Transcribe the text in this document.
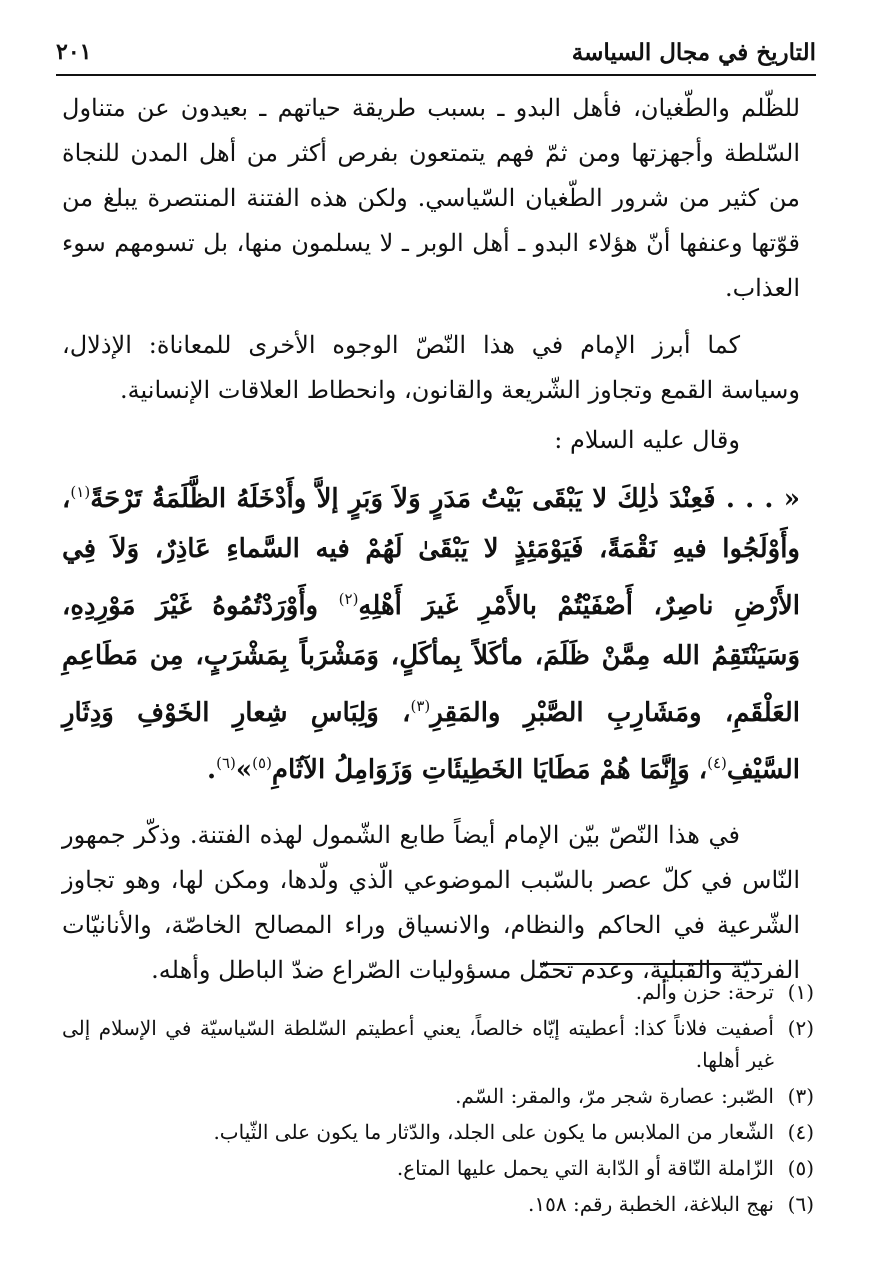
التاريخ في مجال السياسة
٢٠١

للظّلم والطّغيان، فأهل البدو ـ بسبب طريقة حياتهم ـ بعيدون عن متناول السّلطة وأجهزتها ومن ثمّ فهم يتمتعون بفرص أكثر من أهل المدن للنجاة من كثير من شرور الطّغيان السّياسي. ولكن هذه الفتنة المنتصرة يبلغ من قوّتها وعنفها أنّ هؤلاء البدو ـ أهل الوبر ـ لا يسلمون منها، بل تسومهم سوء العذاب.

كما أبرز الإمام في هذا النّصّ الوجوه الأخرى للمعاناة: الإذلال، وسياسة القمع وتجاوز الشّريعة والقانون، وانحطاط العلاقات الإنسانية.

وقال عليه السلام :

« . . . فَعِنْدَ ذٰلِكَ لا يَبْقَى بَيْتُ مَدَرٍ وَلاَ وَبَرٍ إلاَّ وأَدْخَلَهُ الظَّلَمَةُ تَرْحَةً$^{(١)}$، وأَوْلَجُوا فيهِ نَقْمَةً، فَيَوْمَئِذٍ لا يَبْقَىٰ لَهُمْ فيه السَّماءِ عَاذِرٌ، وَلاَ فِي الأَرْضِ ناصِرٌ، أَصْفَيْتُمْ بالأَمْرِ غَيرَ أَهْلِهِ$^{(٢)}$ وأَوْرَدْتُمُوهُ غَيْرَ مَوْرِدِهِ، وَسَيَنْتَقِمُ الله مِمَّنْ ظَلَمَ، مأكَلاً بِمأكَلٍ، وَمَشْرَباً بِمَشْرَبٍ، مِن مَطَاعِمِ العَلْقَمِ، ومَشَارِبِ الصَّبْرِ والمَقِرِ$^{(٣)}$، وَلِبَاسِ شِعارِ الخَوْفِ وَدِثَارِ السَّيْفِ$^{(٤)}$، وَإِنَّمَا هُمْ مَطَايَا الخَطِيئَاتِ وَزَوَامِلُ الآثَامِ$^{(٥)}$»$^{(٦)}$.

في هذا النّصّ بيّن الإمام أيضاً طابع الشّمول لهذه الفتنة. وذكّر جمهور النّاس في كلّ عصر بالسّبب الموضوعي الّذي ولّدها، ومكن لها، وهو تجاوز الشّرعية في الحاكم والنظام، والانسياق وراء المصالح الخاصّة، والأنانيّات الفرديّة والقبلية، وعدم تحمّل مسؤوليات الصّراع ضدّ الباطل وأهله.

(١)
ترحة: حزن وألم.
(٢)
أصفيت فلاناً كذا: أعطيته إيّاه خالصاً، يعني أعطيتم السّلطة السّياسيّة في الإسلام إلى غير أهلها.
(٣)
الصّبر: عصارة شجر مرّ، والمقر: السّم.
(٤)
الشّعار من الملابس ما يكون على الجلد، والدّثار ما يكون على الثّياب.
(٥)
الزّاملة النّاقة أو الدّابة التي يحمل عليها المتاع.
(٦)
نهج البلاغة، الخطبة رقم: ١٥٨.
